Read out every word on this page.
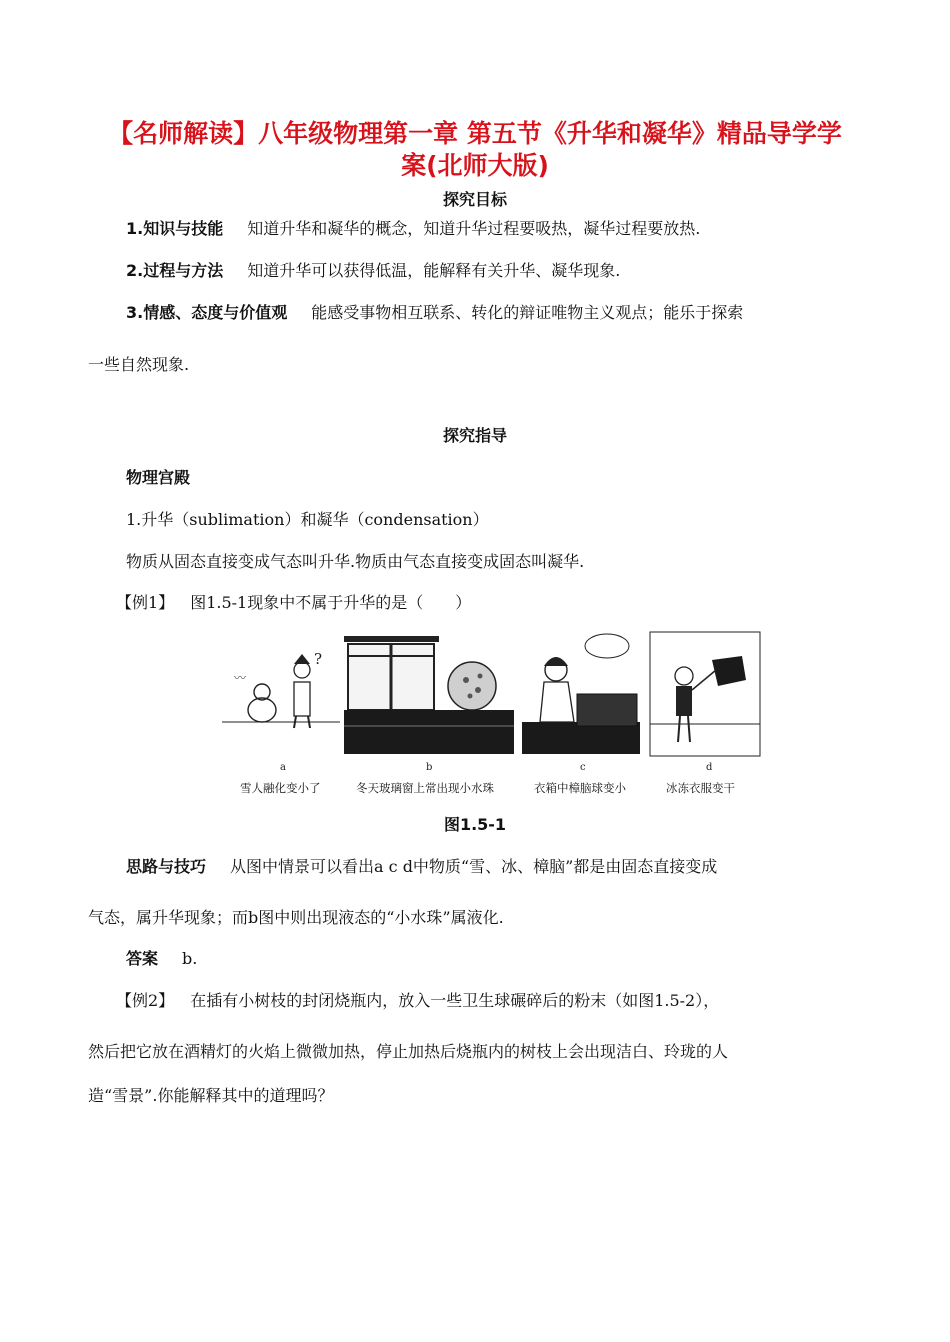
【名师解读】八年级物理第一章 第五节《升华和凝华》精品导学学
案(北师大版)
探究目标
1.知识与技能 知道升华和凝华的概念，知道升华过程要吸热，凝华过程要放热.
2.过程与方法 知道升华可以获得低温，能解释有关升华、凝华现象.
3.情感、态度与价值观 能感受事物相互联系、转化的辩证唯物主义观点；能乐于探索
一些自然现象.
探究指导
物理宫殿
1.升华（sublimation）和凝华（condensation）
物质从固态直接变成气态叫升华.物质由气态直接变成固态叫凝华.
【例1】 图1.5-1现象中不属于升华的是（　　）
〰
?
a	b	c	d
雪人融化变小了	冬天玻璃窗上常出现小水珠	衣箱中樟脑球变小	冰冻衣服变干
图1.5-1
思路与技巧 从图中情景可以看出a c d中物质“雪、冰、樟脑”都是由固态直接变成
气态，属升华现象；而b图中则出现液态的“小水珠”属液化.
答案 b.
【例2】 在插有小树枝的封闭烧瓶内，放入一些卫生球碾碎后的粉末（如图1.5-2），
然后把它放在酒精灯的火焰上微微加热，停止加热后烧瓶内的树枝上会出现洁白、玲珑的人
造“雪景”.你能解释其中的道理吗？
